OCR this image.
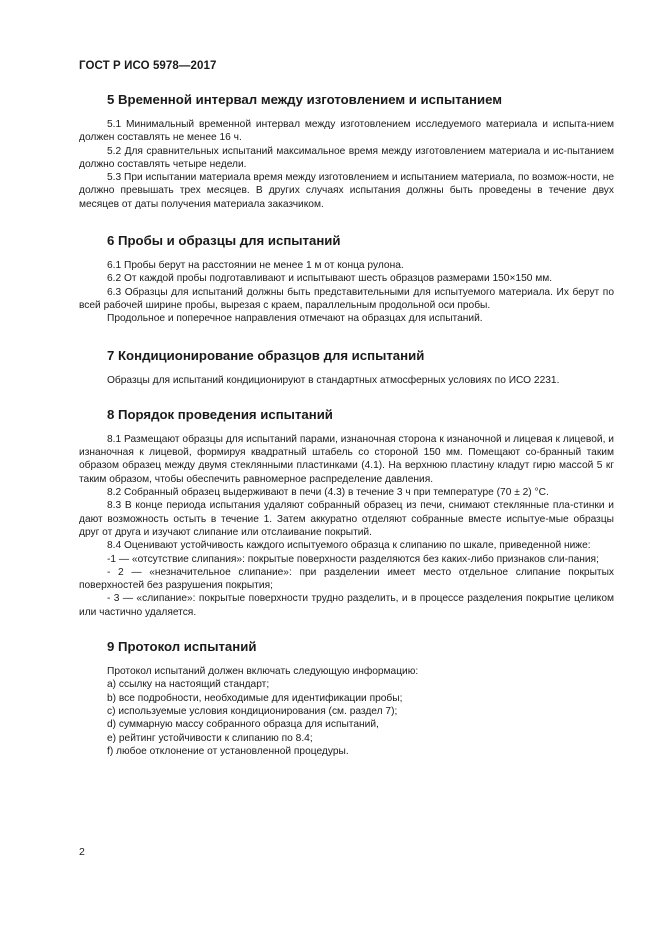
ГОСТ Р ИСО 5978—2017

5 Временной интервал между изготовлением и испытанием

5.1 Минимальный временной интервал между изготовлением исследуемого материала и испыта-нием должен составлять не менее 16 ч.

5.2 Для сравнительных испытаний максимальное время между изготовлением материала и ис-пытанием должно составлять четыре недели.

5.3 При испытании материала время между изготовлением и испытанием материала, по возмож-ности, не должно превышать трех месяцев. В других случаях испытания должны быть проведены в течение двух месяцев от даты получения материала заказчиком.

6 Пробы и образцы для испытаний

6.1 Пробы берут на расстоянии не менее 1 м от конца рулона.

6.2 От каждой пробы подготавливают и испытывают шесть образцов размерами 150×150 мм.

6.3 Образцы для испытаний должны быть представительными для испытуемого материала. Их берут по всей рабочей ширине пробы, вырезая с краем, параллельным продольной оси пробы.

Продольное и поперечное направления отмечают на образцах для испытаний.

7 Кондиционирование образцов для испытаний

Образцы для испытаний кондиционируют в стандартных атмосферных условиях по ИСО 2231.

8 Порядок проведения испытаний

8.1 Размещают образцы для испытаний парами, изнаночная сторона к изнаночной и лицевая к лицевой, и изнаночная к лицевой, формируя квадратный штабель со стороной 150 мм. Помещают со-бранный таким образом образец между двумя стеклянными пластинками (4.1). На верхнюю пластину кладут гирю массой 5 кг таким образом, чтобы обеспечить равномерное распределение давления.

8.2 Собранный образец выдерживают в печи (4.3) в течение 3 ч при температуре (70 ± 2) °С.

8.3 В конце периода испытания удаляют собранный образец из печи, снимают стеклянные пла-стинки и дают возможность остыть в течение 1. Затем аккуратно отделяют собранные вместе испытуе-мые образцы друг от друга и изучают слипание или отслаивание покрытий.

8.4 Оценивают устойчивость каждого испытуемого образца к слипанию по шкале, приведенной ниже:

-1 — «отсутствие слипания»: покрытые поверхности разделяются без каких-либо признаков сли-пания;

- 2 — «незначительное слипание»: при разделении имеет место отдельное слипание покрытых поверхностей без разрушения покрытия;

- 3 — «слипание»: покрытые поверхности трудно разделить, и в процессе разделения покрытие целиком или частично удаляется.

9 Протокол испытаний

Протокол испытаний должен включать следующую информацию:

a) ссылку на настоящий стандарт;

b) все подробности, необходимые для идентификации пробы;

c) используемые условия кондиционирования (см. раздел 7);

d) суммарную массу собранного образца для испытаний,

e) рейтинг устойчивости к слипанию по 8.4;

f) любое отклонение от установленной процедуры.

2
